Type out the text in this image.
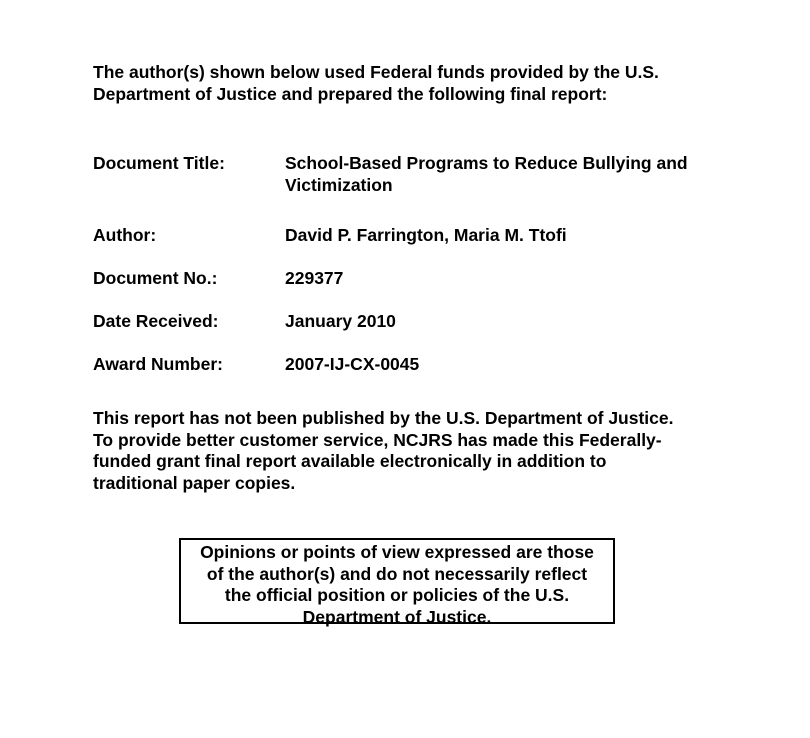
The author(s) shown below used Federal funds provided by the U.S.
Department of Justice and prepared the following final report:
Document Title:	School-Based Programs to Reduce Bullying and Victimization
Author:	David P. Farrington, Maria M. Ttofi
Document No.:	229377
Date Received:	January 2010
Award Number:	2007-IJ-CX-0045
This report has not been published by the U.S. Department of Justice.
To provide better customer service, NCJRS has made this Federally-
funded grant final report available electronically in addition to
traditional paper copies.
Opinions or points of view expressed are those
of the author(s) and do not necessarily reflect
the official position or policies of the U.S.
Department of Justice.
